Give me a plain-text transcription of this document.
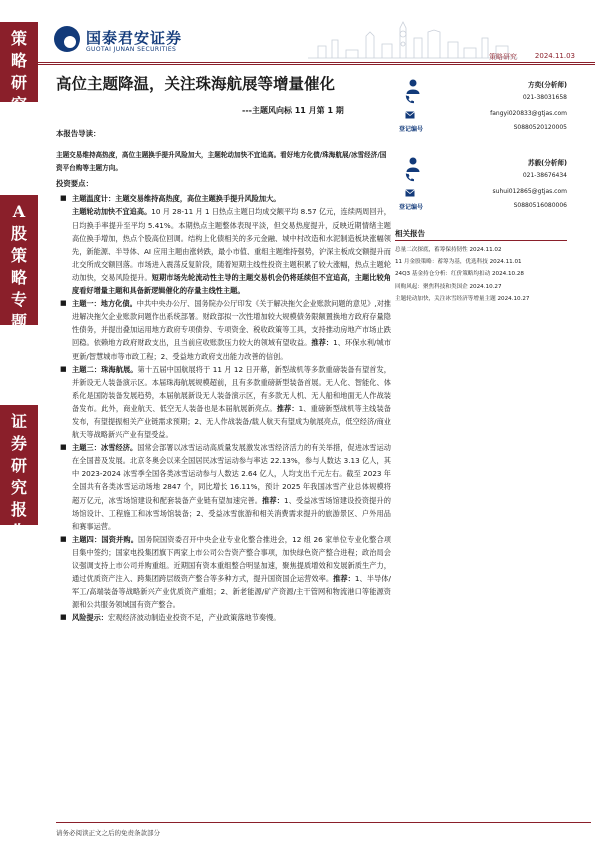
策
略
研
究
A
股
策
略
专
题
证
券
研
究
报
告
国泰君安证券
GUOTAI JUNAN SECURITIES
策略研究	2024.11.03
高位主题降温，关注珠海航展等增量催化
---主题风向标 11 月第 1 期
本报告导读：
主题交易维持高热度，高位主题换手提升风险加大，主题轮动加快不宜追高。看好地方化债/珠海航展/冰雪经济/国资平台购等主题方向。
投资要点：
■ 主题温度计：主题交易维持高热度，高位主题换手提升风险加大。
主题轮动加快不宜追高。10 月 28-11 月 1 日热点主题日均成交额平均 8.57 亿元，连续两周回升，日均换手率提升至平均 5.41%。本期热点主题整体表现平淡，但交易热度提升，反映近期情绪主题高位换手增加，热点个股高位回调。结构上化债相关的多元金融、城中村改造和水泥制造板块涨幅领先，新能源、半导体、AI 应用主题由涨转跌，最小市值、重组主题维持强势，沪深主板成交额提升而北交所成交额回落。市场进入震荡反复阶段，随着短期主线性投资主题积累了较大涨幅，热点主题轮动加快，交易风险提升。短期市场先轮流动性主导的主题交易机会仍将延续但不宜追高，主题比较角度看好增量主题和具备新逻辑催化的存量主线性主题。
■ 主题一：地方化债。中共中央办公厅、国务院办公厅印发《关于解决拖欠企业账款问题的意见》,对推进解决拖欠企业账款问题作出系统部署。财政部拟一次性增加较大规模债务限额置换地方政府存量隐性债务，并提出叠加运用地方政府专项债券、专项资金、税收政策等工具，支持推动房地产市场止跌回稳。依赖地方政府财政支出，且当前应收账款压力较大的领域有望收益。推荐：1、环保水利/城市更新/智慧城市等市政工程；2、受益地方政府支出能力改善的信创。
■ 主题二：珠海航展。第十五届中国航展将于 11 月 12 日开幕，新型战机等多款重磅装备有望首发，并新设无人装备演示区。本届珠海航展规模超前，且有多款重磅新型装备首展。无人化、智能化、体系化是国防装备发展趋势，本届航展新设无人装备演示区，有多款无人机、无人船和地面无人作战装备发布。此外，商业航天、低空无人装备也是本届航展新亮点。推荐：1、重磅新型战机等主线装备发布，有望提振相关产业链需求预期；2、无人作战装备/载人航天有望成为航展亮点，低空经济/商业航天等战略新兴产业有望受益。
■ 主题三：冰雪经济。国常会部署以冰雪运动高质量发展激发冰雪经济活力的有关举措，促进冰雪运动在全国普及发展。北京冬奥会以来全国居民冰雪运动参与率达 22.13%，参与人数达 3.13 亿人，其中 2023-2024 冰雪季全国各类冰雪运动参与人数达 2.64 亿人，人均支出千元左右。截至 2023 年全国共有各类冰雪运动场地 2847 个，同比增长 16.11%，预计 2025 年我国冰雪产业总体规模将超万亿元，冰雪场馆建设和配套装备产业链有望加速完善。推荐：1、受益冰雪场馆建设投资提升的场馆设计、工程施工和冰雪场馆装备；2、受益冰雪旅游和相关消费需求提升的旅游景区、户外用品和赛事运营。
■ 主题四：国资并购。国务院国资委召开中央企业专业化整合推进会，12 组 26 家单位专业化整合项目集中签约；国家电投集团旗下两家上市公司公告资产整合事项，加快绿色资产整合进程；政治局会议强调支持上市公司并购重组。近期国有资本重组整合明显加速，聚焦提质增效和发展新质生产力，通过优质资产注入、跨集团跨层级资产整合等多种方式，提升国资国企运营效率。推荐：1、半导体/军工/高端装备等战略新兴产业优质资产重组；2、新老能源/矿产资源/主干管网和物流港口等能源资源和公共服务领域国有资产整合。
■ 风险提示：宏观经济波动制造业投资不足，产业政策落地节奏慢。
方奕(分析师)
021-38031658
fangyi020833@gtjas.com
登记编号	S0880520120005
苏毅(分析师)
021-38676434
suhui012865@gtjas.com
登记编号	S0880516080006
相关报告
总量二次探底，蓄筹保持韧性 2024.11.02
11 月金股策略：蓄筹为基，优选科技 2024.11.01
24Q3 基金持仓分析：红价策略均扣动 2024.10.28
回购风起：聚焦科技和类国企 2024.10.27
主题轮动加快，关注冰雪经济等增量主题 2024.10.27
请务必阅读正文之后的免责条款部分
